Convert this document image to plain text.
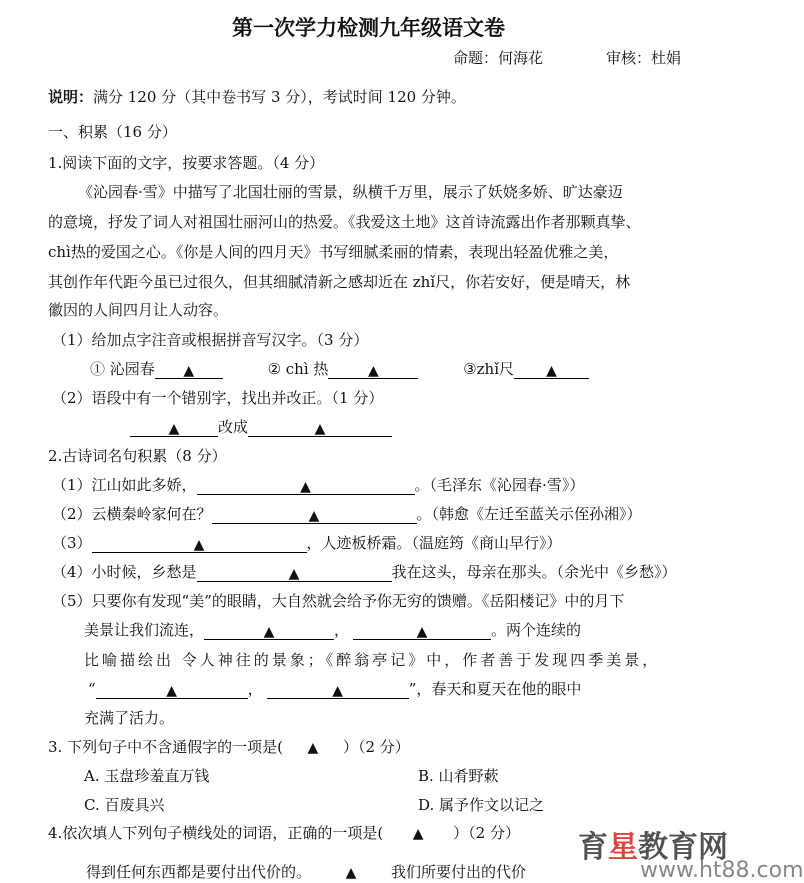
第一次学力检测九年级语文卷
命题：何海花	审核：杜娟
说明：满分 120 分（其中卷书写 3 分），考试时间 120 分钟。
一、积累（16 分）
1.阅读下面的文字，按要求答题。（4 分）
《沁园春·雪》中描写了北国壮丽的雪景，纵横千万里，展示了妖娆多娇、旷达豪迈
的意境，抒发了词人对祖国壮丽河山的热爱。《我爱这土地》这首诗流露出作者那颗真挚、
chì热的爱国之心。《你是人间的四月天》书写细腻柔丽的情素，表现出轻盈优雅之美，
其创作年代距今虽已过很久，但其细腻清新之感却近在 zhǐ尺，你若安好，便是晴天，林
徽因的人间四月让人动容。
（1）给加点字注音或根据拼音写汉字。（3 分）
① 沁园春 ▲	② chì 热	▲	③zhǐ尺 ▲
（2）语段中有一个错别字，找出并改正。（1 分）
▲	改成	▲
2.古诗词名句积累（8 分）
（1）江山如此多娇，	▲	。（毛泽东《沁园春·雪》）
（2）云横秦岭家何在？	▲	。（韩愈《左迁至蓝关示侄孙湘》）
（3）	▲	，人迹板桥霜。（温庭筠《商山早行》）
（4）小时候，乡愁是	▲	我在这头，母亲在那头。（余光中《乡愁》）
（5）只要你有发现“美”的眼睛，大自然就会给予你无穷的馈赠。《岳阳楼记》中的月下
美景让我们流连，	▲	，	▲	。两个连续的
比喻描绘出 令人神往的景象；《醉翁亭记》中，作者善于发现四季美景，
“	▲	，	▲	”，春天和夏天在他的眼中
充满了活力。
3. 下列句子中不含通假字的一项是( ▲ ）（2 分）
A. 玉盘珍羞直万钱	B. 山肴野蔌
C. 百废具兴	D. 属予作文以记之
4.依次填人下列句子横线处的词语，正确的一项是( ▲ ）（2 分）
得到任何东西都是要付出代价的。 ▲ 我们所要付出的代价
育星教育网
www.ht88.com
